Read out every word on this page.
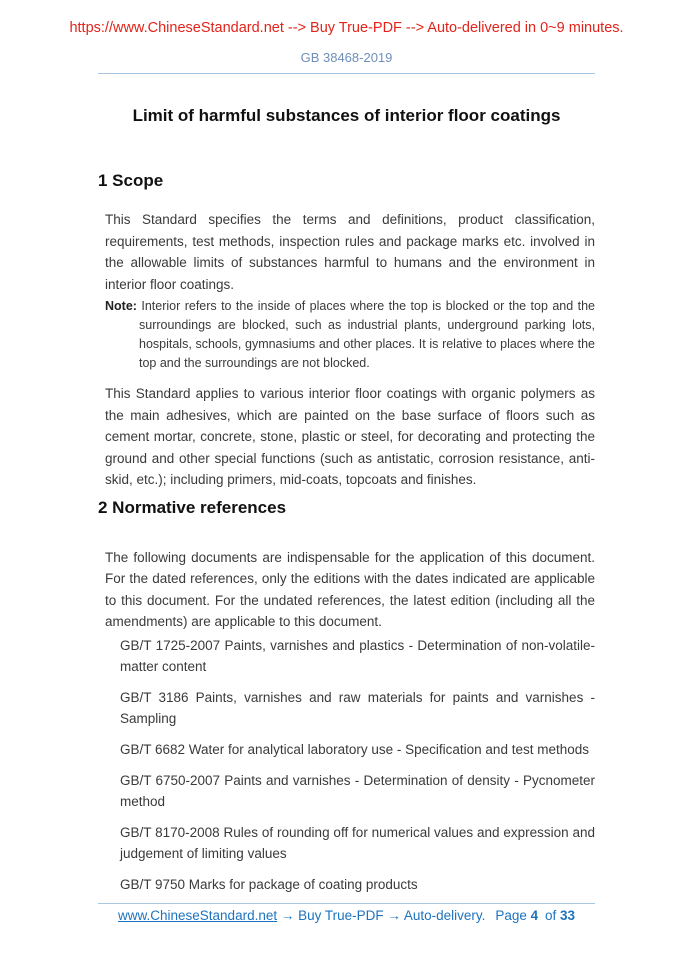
https://www.ChineseStandard.net --> Buy True-PDF --> Auto-delivered in 0~9 minutes.
GB 38468-2019
Limit of harmful substances of interior floor coatings
1 Scope

This Standard specifies the terms and definitions, product classification, requirements, test methods, inspection rules and package marks etc. involved in the allowable limits of substances harmful to humans and the environment in interior floor coatings.

Note: Interior refers to the inside of places where the top is blocked or the top and the surroundings are blocked, such as industrial plants, underground parking lots, hospitals, schools, gymnasiums and other places. It is relative to places where the top and the surroundings are not blocked.

This Standard applies to various interior floor coatings with organic polymers as the main adhesives, which are painted on the base surface of floors such as cement mortar, concrete, stone, plastic or steel, for decorating and protecting the ground and other special functions (such as antistatic, corrosion resistance, anti-skid, etc.); including primers, mid-coats, topcoats and finishes.

2 Normative references

The following documents are indispensable for the application of this document. For the dated references, only the editions with the dates indicated are applicable to this document. For the undated references, the latest edition (including all the amendments) are applicable to this document.

GB/T 1725-2007 Paints, varnishes and plastics - Determination of non-volatile-matter content

GB/T 3186 Paints, varnishes and raw materials for paints and varnishes - Sampling

GB/T 6682 Water for analytical laboratory use - Specification and test methods

GB/T 6750-2007 Paints and varnishes - Determination of density - Pycnometer method

GB/T 8170-2008 Rules of rounding off for numerical values and expression and judgement of limiting values

GB/T 9750 Marks for package of coating products

www.ChineseStandard.net → Buy True-PDF → Auto-delivery. Page 4 of 33
